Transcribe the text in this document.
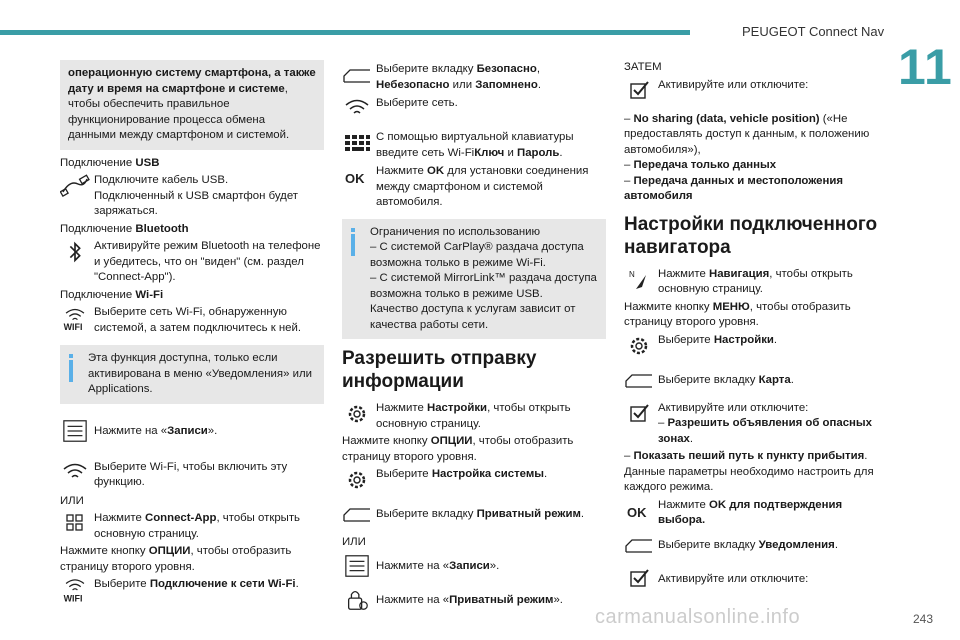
PEUGEOT Connect Nav
11
carmanualsonline.info	243
операционную систему смартфона, а также дату и время на смартфоне и системе, чтобы обеспечить правильное функционирование процесса обмена данными между смартфоном и системой.

Подключение USB

Подключите кабель USB.
Подключенный к USB смартфон будет заряжаться.

Подключение Bluetooth

Активируйте режим Bluetooth на телефоне и убедитесь, что он "виден" (см. раздел "Connect-App").

Подключение Wi-Fi

WIFI
Выберите сеть Wi-Fi, обнаруженную системой, а затем подключитесь к ней.
Эта функция доступна, только если активирована в меню «Уведомления» или Applications.
Нажмите на «Записи».
Выберите Wi-Fi, чтобы включить эту функцию.

ИЛИ

Нажмите Connect-App, чтобы открыть основную страницу.

Нажмите кнопку ОПЦИИ, чтобы отобразить страницу второго уровня.

WIFI
Выберите Подключение к сети Wi-Fi.
Выберите вкладку Безопасно, Небезопасно или Запомнено.
Выберите сеть.
С помощью виртуальной клавиатуры введите сеть Wi-FiКлюч и Пароль.
OK Нажмите OK для установки соединения между смартфоном и системой автомобиля.
Ограничения по использованию
– С системой CarPlay® раздача доступа возможна только в режиме Wi-Fi.
– С системой MirrorLink™ раздача доступа возможна только в режиме USB.
Качество доступа к услугам зависит от качества работы сети.
Разрешить отправку информации
Нажмите Настройки, чтобы открыть основную страницу.

Нажмите кнопку ОПЦИИ, чтобы отобразить страницу второго уровня.

Выберите Настройка системы.
Выберите вкладку Приватный режим.

ИЛИ

Нажмите на «Записи».
Нажмите на «Приватный режим».

ЗАТЕМ

Активируйте или отключите:

– No sharing (data, vehicle position) («Не предоставлять доступ к данным, к положению автомобиля»),

– Передача только данных

– Передача данных и местоположения автомобиля

Настройки подключенного навигатора
N Нажмите Навигация, чтобы открыть основную страницу.

Нажмите кнопку МЕНЮ, чтобы отобразить страницу второго уровня.

Выберите Настройки.
Выберите вкладку Карта.
Активируйте или отключите:
– Разрешить объявления об опасных зонах.

– Показать пеший путь к пункту прибытия.

Данные параметры необходимо настроить для каждого режима.

OK Нажмите OK для подтверждения выбора.
Выберите вкладку Уведомления.
Активируйте или отключите:
